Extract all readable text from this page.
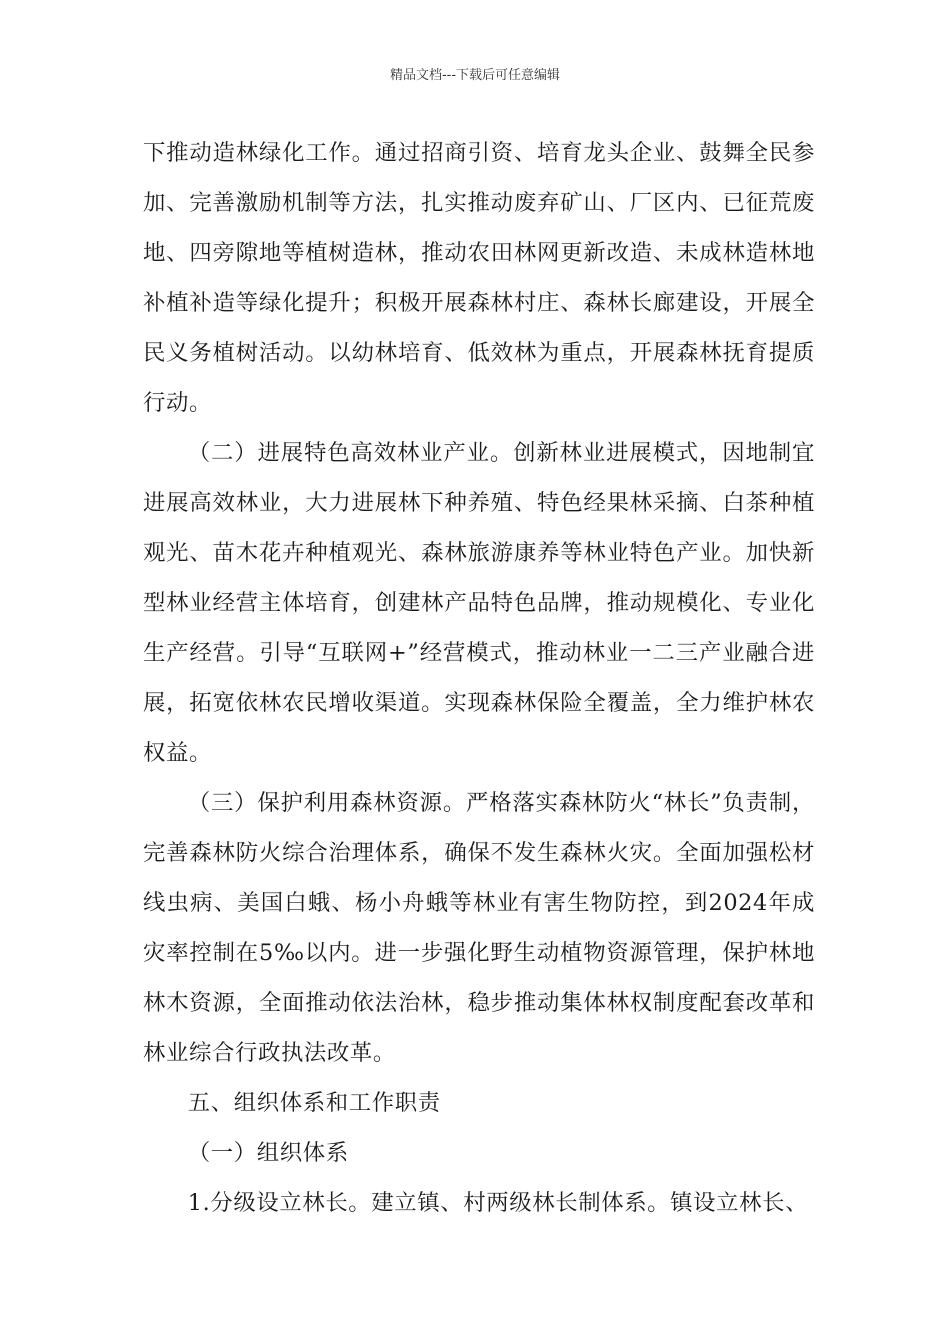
精品文档---下载后可任意编辑

下推动造林绿化工作。通过招商引资、培育龙头企业、鼓舞全民参加、完善激励机制等方法，扎实推动废弃矿山、厂区内、已征荒废地、四旁隙地等植树造林，推动农田林网更新改造、未成林造林地补植补造等绿化提升；积极开展森林村庄、森林长廊建设，开展全民义务植树活动。以幼林培育、低效林为重点，开展森林抚育提质行动。

（二）进展特色高效林业产业。创新林业进展模式，因地制宜进展高效林业，大力进展林下种养殖、特色经果林采摘、白茶种植观光、苗木花卉种植观光、森林旅游康养等林业特色产业。加快新型林业经营主体培育，创建林产品特色品牌，推动规模化、专业化生产经营。引导“互联网+”经营模式，推动林业一二三产业融合进展，拓宽依林农民增收渠道。实现森林保险全覆盖，全力维护林农权益。

（三）保护利用森林资源。严格落实森林防火“林长”负责制，完善森林防火综合治理体系，确保不发生森林火灾。全面加强松材线虫病、美国白蛾、杨小舟蛾等林业有害生物防控，到2024年成灾率控制在5‰以内。进一步强化野生动植物资源管理，保护林地林木资源，全面推动依法治林，稳步推动集体林权制度配套改革和林业综合行政执法改革。

五、组织体系和工作职责

（一）组织体系

1.分级设立林长。建立镇、村两级林长制体系。镇设立林长、
